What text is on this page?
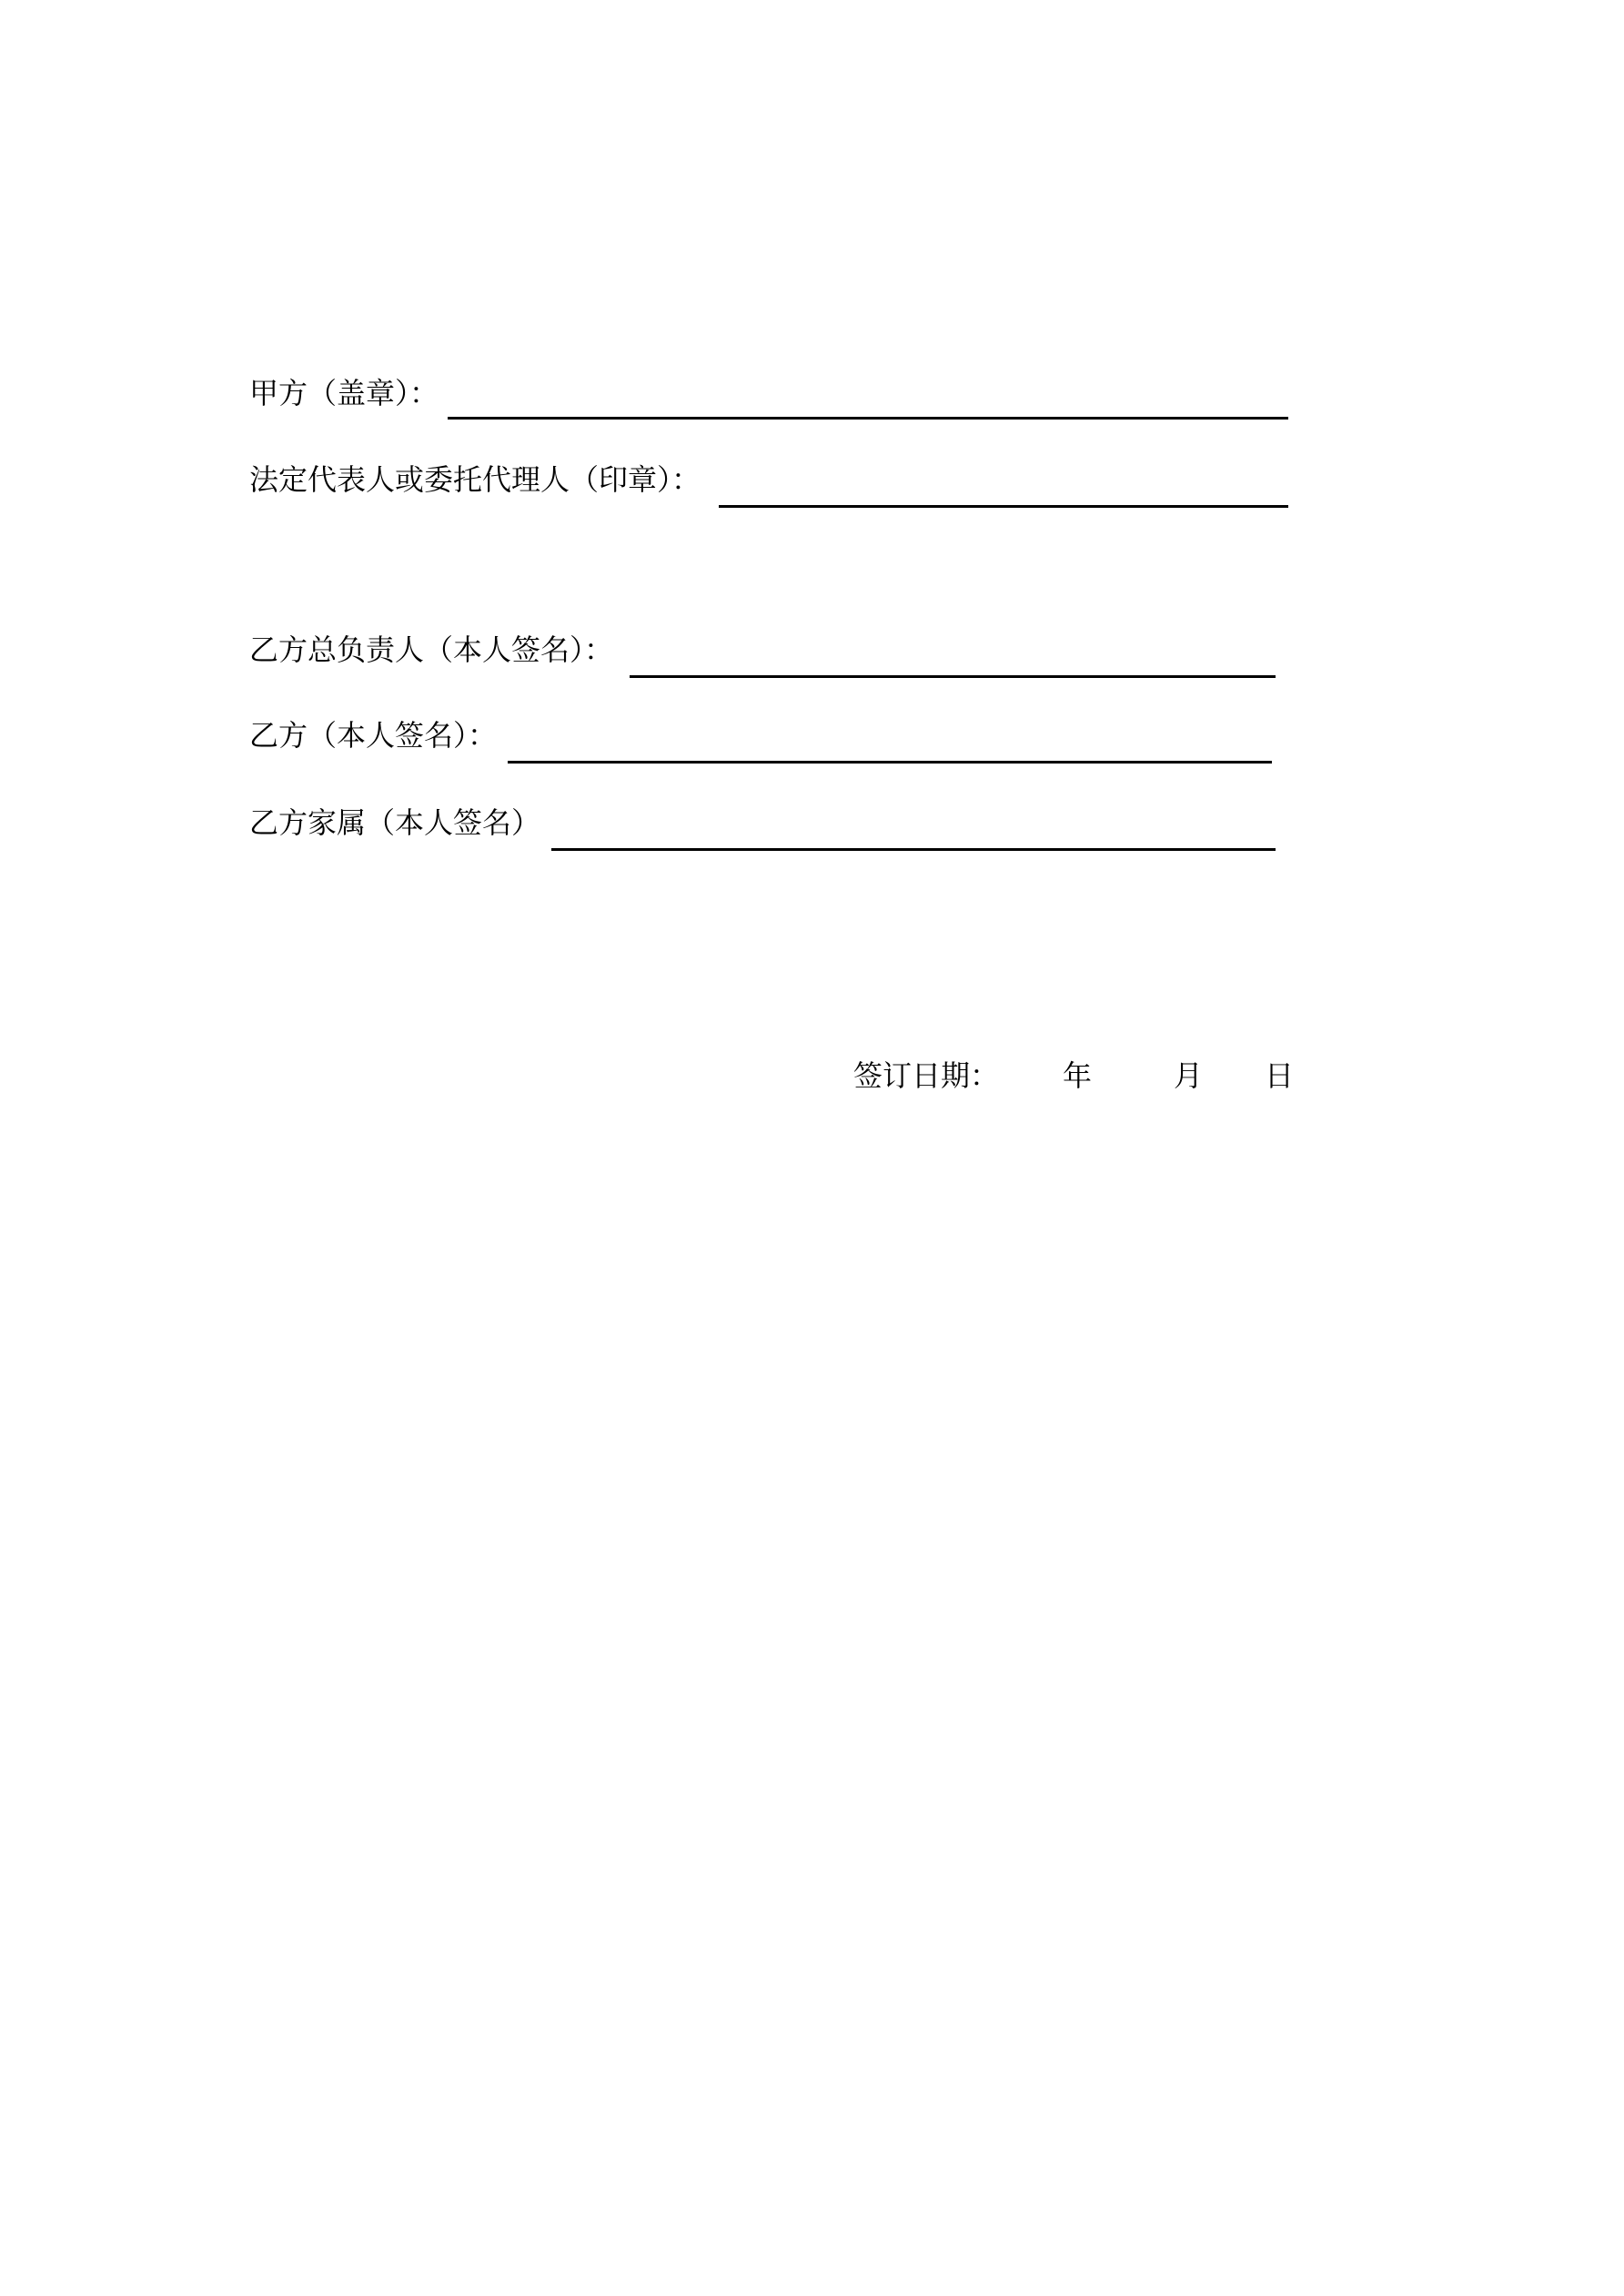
甲方（盖章）：
法定代表人或委托代理人（印章）：
乙方总负责人（本人签名）：
乙方（本人签名）：
乙方家属（本人签名）
签订日期： 年	月 日
